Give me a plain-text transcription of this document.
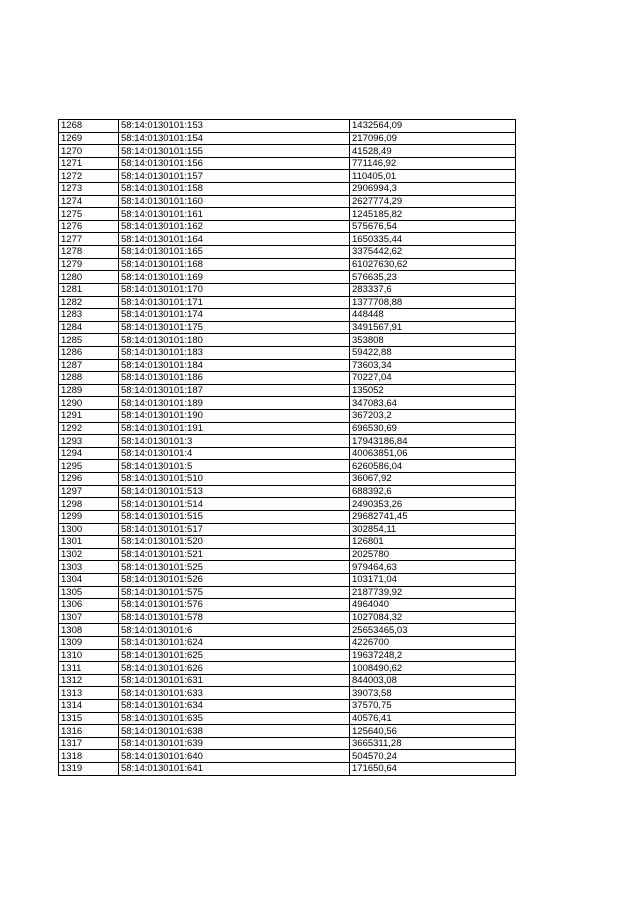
1268	58:14:0130101:153	1432564,09
1269	58:14:0130101:154	217096,09
1270	58:14:0130101:155	41528,49
1271	58:14:0130101:156	771146,92
1272	58:14:0130101:157	110405,01
1273	58:14:0130101:158	2906994,3
1274	58:14:0130101:160	2627774,29
1275	58:14:0130101:161	1245185,82
1276	58:14:0130101:162	575676,54
1277	58:14:0130101:164	1650335,44
1278	58:14:0130101:165	3375442,62
1279	58:14:0130101:168	61027630,62
1280	58:14:0130101:169	576635,23
1281	58:14:0130101:170	283337,6
1282	58:14:0130101:171	1377708,88
1283	58:14:0130101:174	448448
1284	58:14:0130101:175	3491567,91
1285	58:14:0130101:180	353808
1286	58:14:0130101:183	59422,88
1287	58:14:0130101:184	73603,34
1288	58:14:0130101:186	70227,04
1289	58:14:0130101:187	135052
1290	58:14:0130101:189	347083,64
1291	58:14:0130101:190	367203,2
1292	58:14:0130101:191	696530,69
1293	58:14:0130101:3	17943186,84
1294	58:14:0130101:4	40063851,06
1295	58:14:0130101:5	6260586,04
1296	58:14:0130101:510	36067,92
1297	58:14:0130101:513	688392,6
1298	58:14:0130101:514	2490353,26
1299	58:14:0130101:515	29682741,45
1300	58:14:0130101:517	302854,11
1301	58:14:0130101:520	126801
1302	58:14:0130101:521	2025780
1303	58:14:0130101:525	979464,63
1304	58:14:0130101:526	103171,04
1305	58:14:0130101:575	2187739,92
1306	58:14:0130101:576	4964040
1307	58:14:0130101:578	1027084,32
1308	58:14:0130101:6	25653465,03
1309	58:14:0130101:624	4226700
1310	58:14:0130101:625	19637248,2
1311	58:14:0130101:626	1008490,62
1312	58:14:0130101:631	844003,08
1313	58:14:0130101:633	39073,58
1314	58:14:0130101:634	37570,75
1315	58:14:0130101:635	40576,41
1316	58:14:0130101:638	125640,56
1317	58:14:0130101:639	3665311,28
1318	58:14:0130101:640	504570,24
1319	58:14:0130101:641	171650,64
